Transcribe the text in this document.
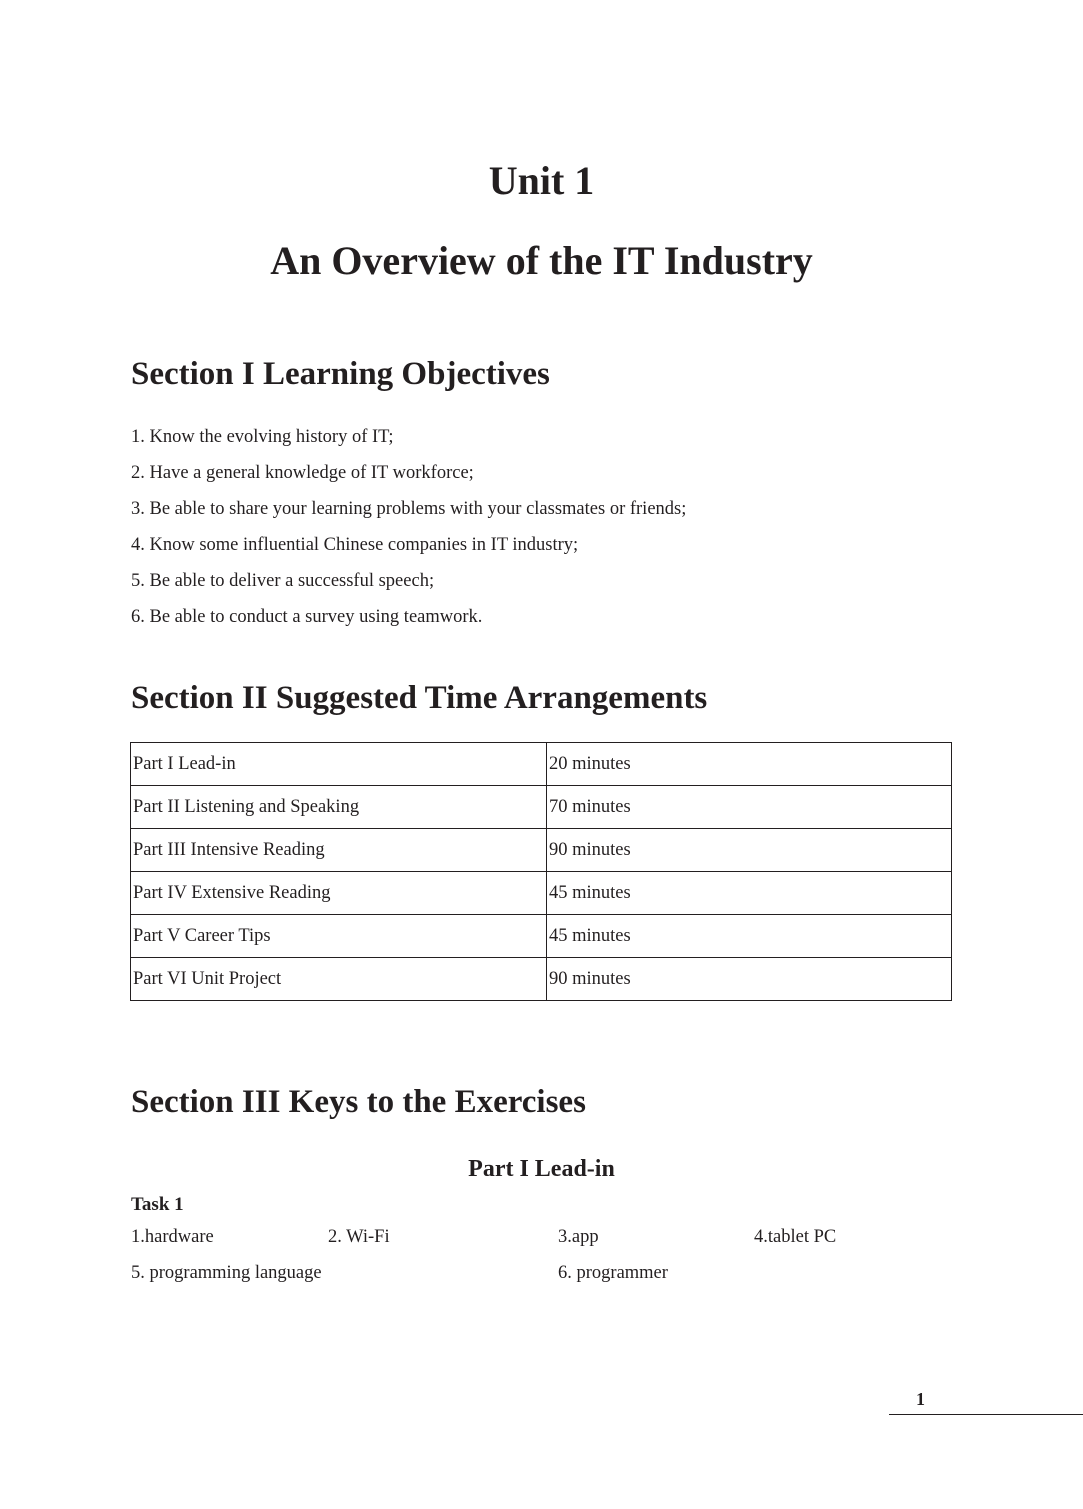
Unit 1
An Overview of the IT Industry
Section I Learning Objectives
1. Know the evolving history of IT;
2. Have a general knowledge of IT workforce;
3. Be able to share your learning problems with your classmates or friends;
4. Know some influential Chinese companies in IT industry;
5. Be able to deliver a successful speech;
6. Be able to conduct a survey using teamwork.
Section II Suggested Time Arrangements
Part I Lead-in	20 minutes
Part II Listening and Speaking	70 minutes
Part III Intensive Reading	90 minutes
Part IV Extensive Reading	45 minutes
Part V Career Tips	45 minutes
Part VI Unit Project	90 minutes
Section III Keys to the Exercises
Part I Lead-in
Task 1
1.hardware	2. Wi-Fi	3.app	4.tablet PC
5. programming language	6. programmer
1
